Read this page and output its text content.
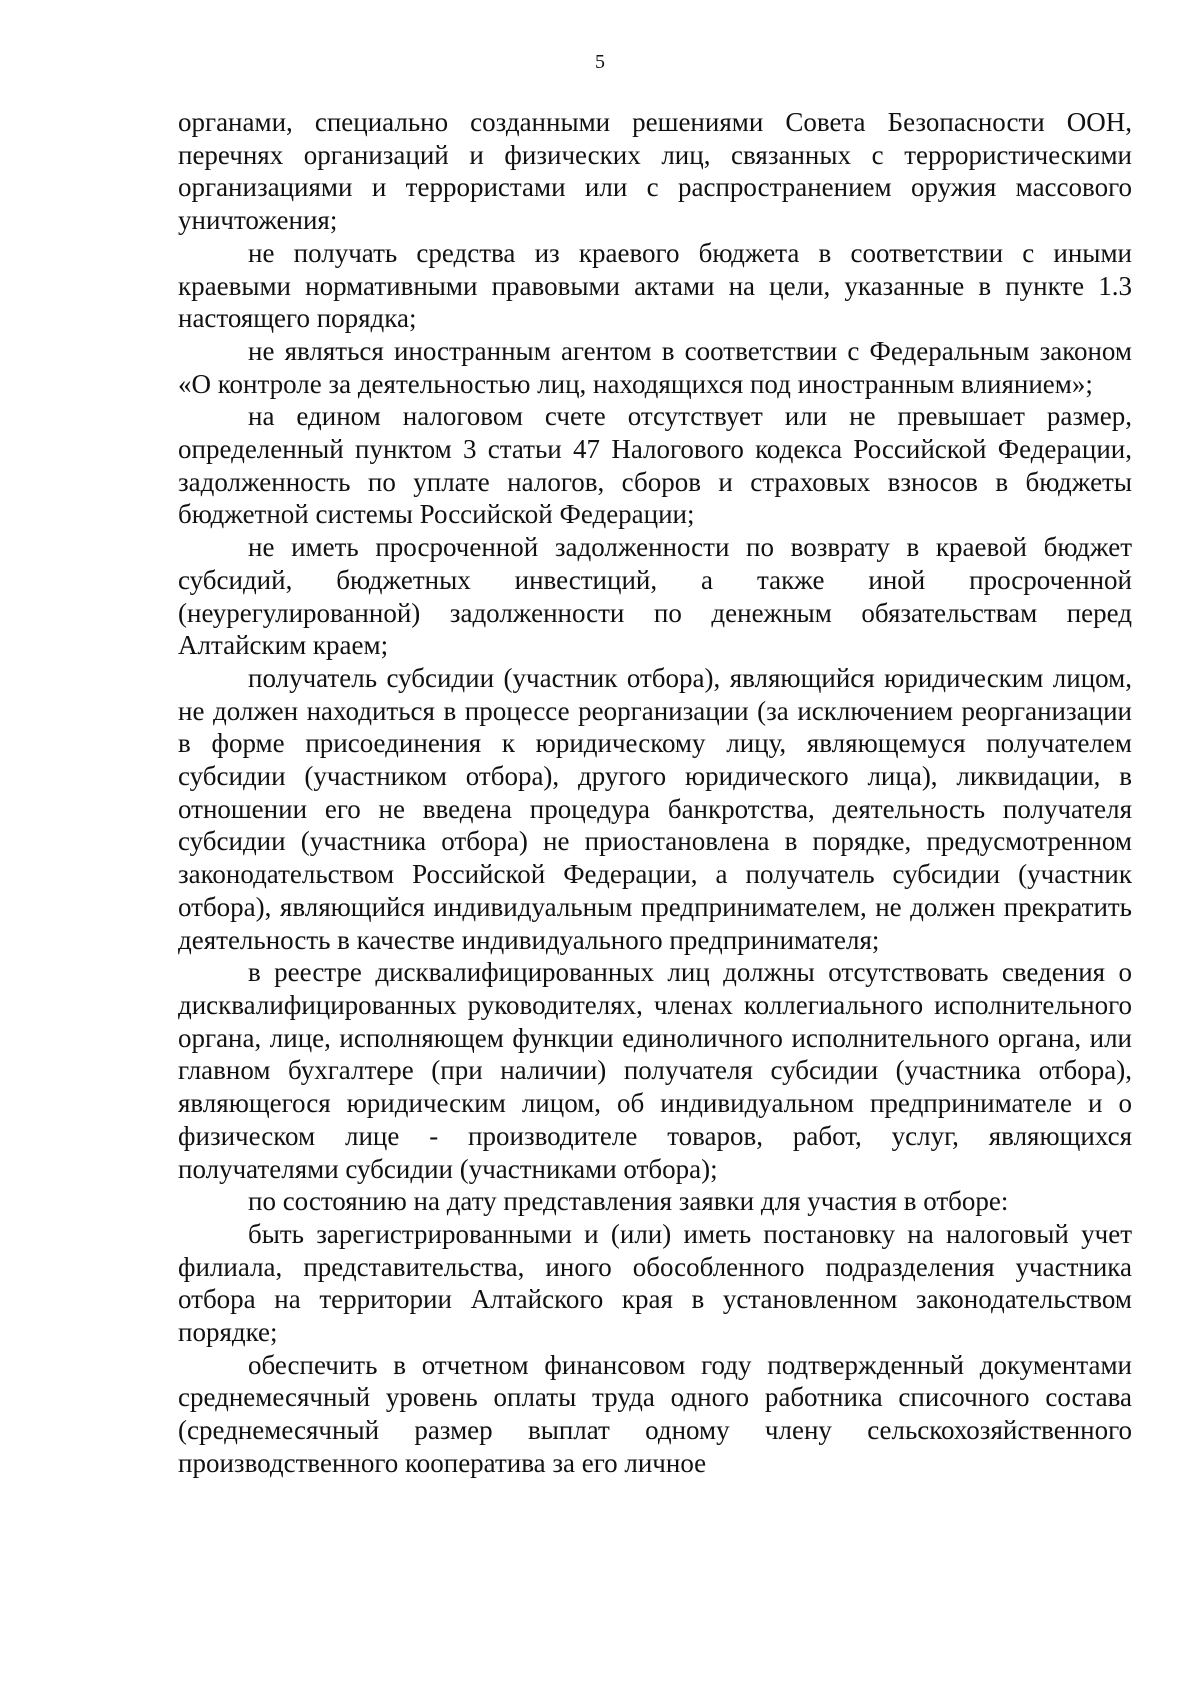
5

органами, специально созданными решениями Совета Безопасности ООН, перечнях организаций и физических лиц, связанных с террористическими организациями и террористами или с распространением оружия массового уничтожения;

не получать средства из краевого бюджета в соответствии с иными краевыми нормативными правовыми актами на цели, указанные в пункте 1.3 настоящего порядка;

не являться иностранным агентом в соответствии с Федеральным законом «О контроле за деятельностью лиц, находящихся под иностранным влиянием»;

на едином налоговом счете отсутствует или не превышает размер, определенный пунктом 3 статьи 47 Налогового кодекса Российской Федерации, задолженность по уплате налогов, сборов и страховых взносов в бюджеты бюджетной системы Российской Федерации;

не иметь просроченной задолженности по возврату в краевой бюджет субсидий, бюджетных инвестиций, а также иной просроченной (неурегулированной) задолженности по денежным обязательствам перед Алтайским краем;

получатель субсидии (участник отбора), являющийся юридическим лицом, не должен находиться в процессе реорганизации (за исключением реорганизации в форме присоединения к юридическому лицу, являющемуся получателем субсидии (участником отбора), другого юридического лица), ликвидации, в отношении его не введена процедура банкротства, деятельность получателя субсидии (участника отбора) не приостановлена в порядке, предусмотренном законодательством Российской Федерации, а получатель субсидии (участник отбора), являющийся индивидуальным предпринимателем, не должен прекратить деятельность в качестве индивидуального предпринимателя;

в реестре дисквалифицированных лиц должны отсутствовать сведения о дисквалифицированных руководителях, членах коллегиального исполнительного органа, лице, исполняющем функции единоличного исполнительного органа, или главном бухгалтере (при наличии) получателя субсидии (участника отбора), являющегося юридическим лицом, об индивидуальном предпринимателе и о физическом лице - производителе товаров, работ, услуг, являющихся получателями субсидии (участниками отбора);

по состоянию на дату представления заявки для участия в отборе:

быть зарегистрированными и (или) иметь постановку на налоговый учет филиала, представительства, иного обособленного подразделения участника отбора на территории Алтайского края в установленном законодательством порядке;

обеспечить в отчетном финансовом году подтвержденный документами среднемесячный уровень оплаты труда одного работника списочного состава (среднемесячный размер выплат одному члену сельскохозяйственного производственного кооператива за его личное
